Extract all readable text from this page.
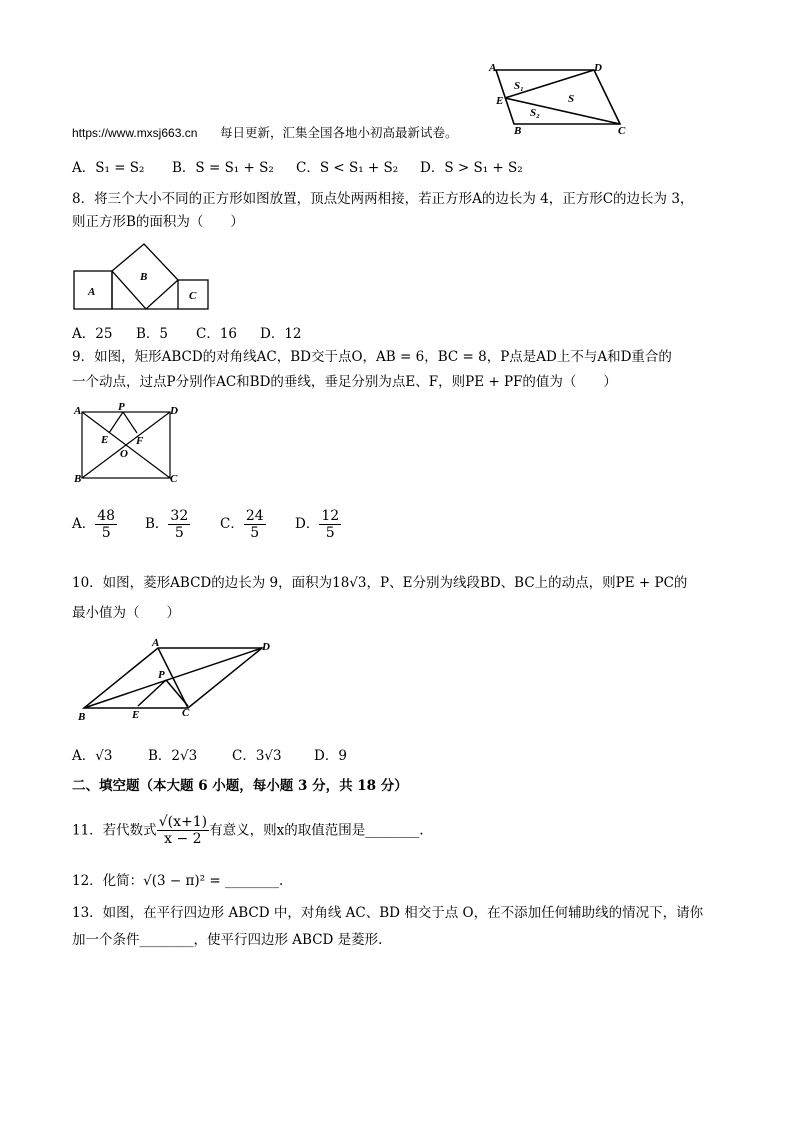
A	D
E
B	C
S₁
S
S₂
https://www.mxsj663.cn 每日更新，汇集全国各地小初高最新试卷。
A．S₁ = S₂ B．S = S₁ + S₂ C．S < S₁ + S₂ D．S > S₁ + S₂
8．将三个大小不同的正方形如图放置，顶点处两两相接，若正方形A的边长为 4，正方形C的边长为 3，
则正方形B的面积为（　　）
A
B
C
A．25 B．5 C．16 D．12
9．如图，矩形ABCD的对角线AC，BD交于点O，AB = 6，BC = 8，P点是AD上不与A和D重合的
一个动点，过点P分别作AC和BD的垂线，垂足分别为点E、F，则PE + PF的值为（　　）
A	P	D
E	F
O
B	C
A． $\frac{48}{5}$ B． $\frac{32}{5}$ C． $\frac{24}{5}$ D． $\frac{12}{5}$
10．如图，菱形ABCD的边长为 9，面积为18√3，P、E分别为线段BD、BC上的动点，则PE + PC的
最小值为（　　）
A	D
P
B	E	C
A．√3	B．2√3	C．3√3 D．9
二、填空题（本大题 6 小题，每小题 3 分，共 18 分）
11．若代数式 $\frac{√(x+1)}{x - 2}$ 有意义，则x的取值范围是________.
12．化简：√(3 − π)² = ________.
13．如图，在平行四边形 ABCD 中，对角线 AC、BD 相交于点 O，在不添加任何辅助线的情况下，请你
加一个条件________，使平行四边形 ABCD 是菱形.
